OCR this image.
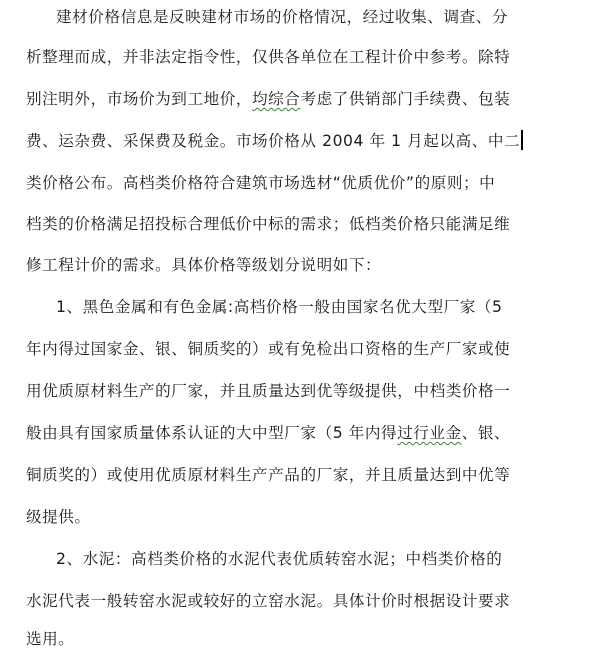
建材价格信息是反映建材市场的价格情况，经过收集、调查、分
析整理而成，并非法定指令性，仅供各单位在工程计价中参考。除特
别注明外，市场价为到工地价，均综合考虑了供销部门手续费、包装
费、运杂费、采保费及税金。市场价格从 2004 年 1 月起以高、中二
类价格公布。高档类价格符合建筑市场选材“优质优价”的原则；中
档类的价格满足招投标合理低价中标的需求；低档类价格只能满足维
修工程计价的需求。具体价格等级划分说明如下：
1、黑色金属和有色金属:高档价格一般由国家名优大型厂家（5
年内得过国家金、银、铜质奖的）或有免检出口资格的生产厂家或使
用优质原材料生产的厂家，并且质量达到优等级提供，中档类价格一
般由具有国家质量体系认证的大中型厂家（5 年内得过行业金、银、
铜质奖的）或使用优质原材料生产产品的厂家，并且质量达到中优等
级提供。
2、水泥：高档类价格的水泥代表优质转窑水泥；中档类价格的
水泥代表一般转窑水泥或较好的立窑水泥。具体计价时根据设计要求
选用。
